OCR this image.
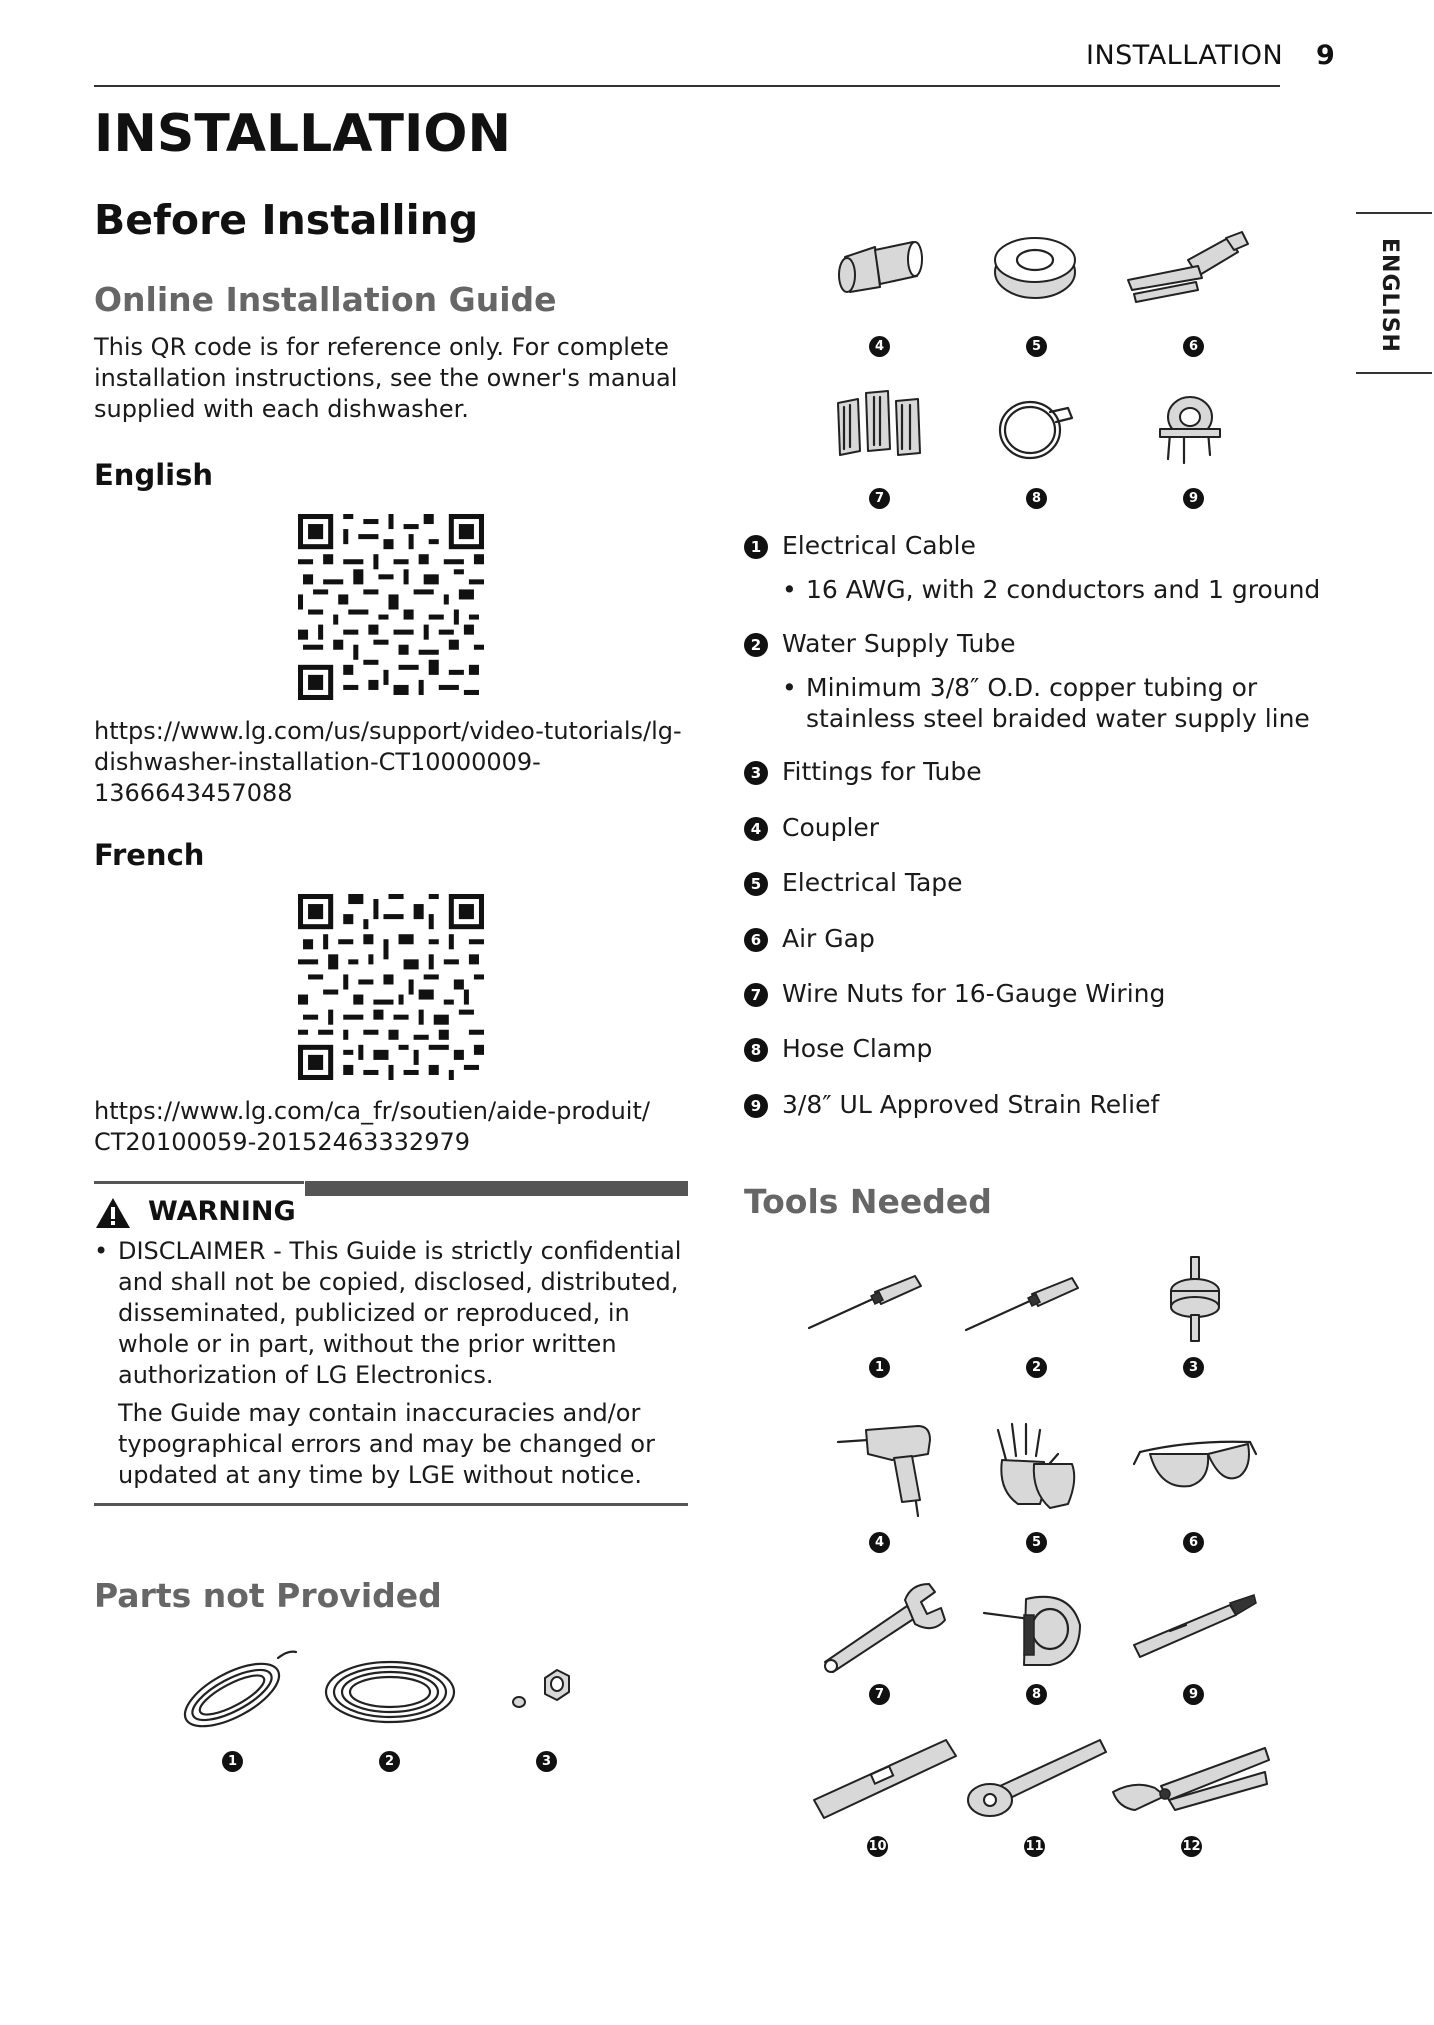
INSTALLATION 9
ENGLISH
INSTALLATION
Before Installing
Online Installation Guide
This QR code is for reference only. For complete installation instructions, see the owner's manual supplied with each dishwasher.
English
https://www.lg.com/us/support/video-tutorials/lg-
dishwasher-installation-CT10000009-
1366643457088
French
https://www.lg.com/ca_fr/soutien/aide-produit/
CT20100059-20152463332979
WARNING
• DISCLAIMER - This Guide is strictly confidential
and shall not be copied, disclosed, distributed,
disseminated, publicized or reproduced, in
whole or in part, without the prior written
authorization of LG Electronics.
The Guide may contain inaccuracies and/or
typographical errors and may be changed or
updated at any time by LGE without notice.
Parts not Provided
1	2	3
4	5	6
7	8	9
1 Electrical Cable
• 16 AWG, with 2 conductors and 1 ground
2 Water Supply Tube
• Minimum 3/8″ O.D. copper tubing or
stainless steel braided water supply line
3 Fittings for Tube
4 Coupler
5 Electrical Tape
6 Air Gap
7 Wire Nuts for 16-Gauge Wiring
8 Hose Clamp
9 3/8″ UL Approved Strain Relief
Tools Needed
1	2	3
4	5	6
7	8	9
10	11	12
